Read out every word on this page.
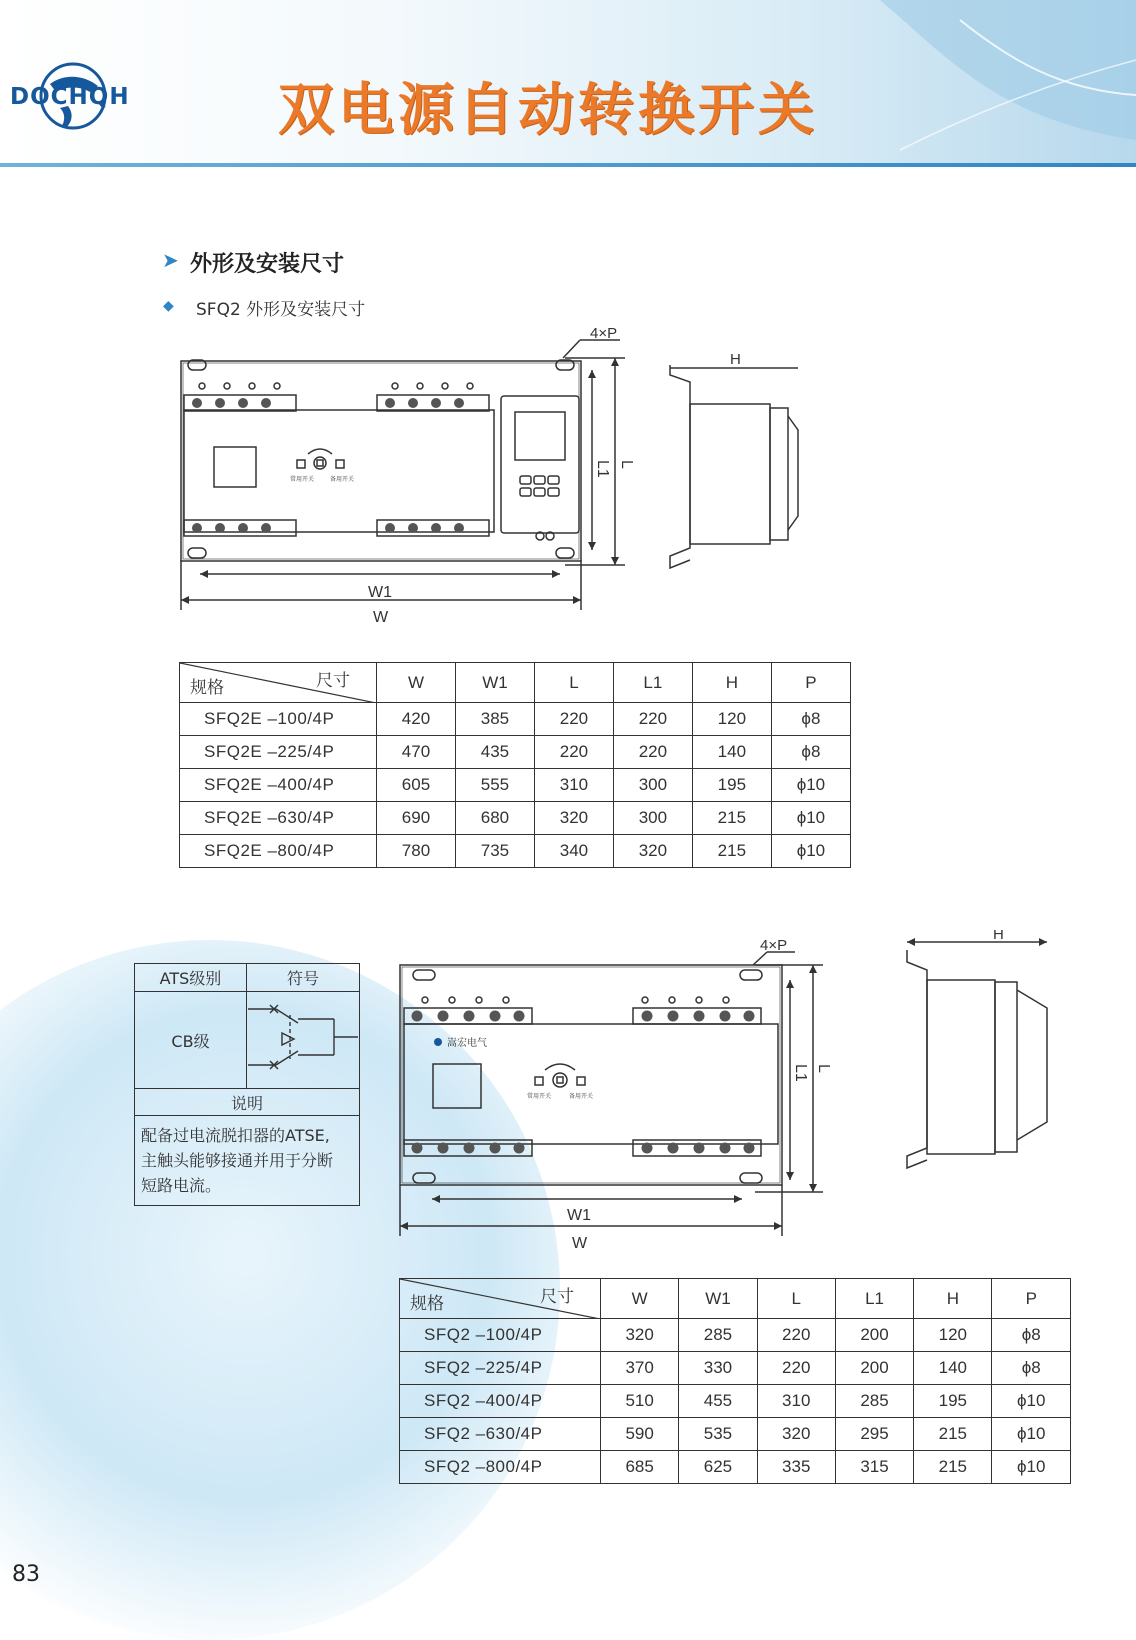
DOCHQH	双电源自动转换开关
➤ 外形及安装尺寸
◆ SFQ2 外形及安装尺寸
4×P
W1
W
L1 L
H
常用开关	备用开关
尺寸
规格	W	W1	L	L1	H	P
SFQ2E –100/4P	420	385	220	220	120	ϕ8
SFQ2E –225/4P	470	435	220	220	140	ϕ8
SFQ2E –400/4P	605	555	310	300	195	ϕ10
SFQ2E –630/4P	690	680	320	300	215	ϕ10
SFQ2E –800/4P	780	735	340	320	215	ϕ10
ATS级别	符号
CB级	
说明	

配备过电流脱扣器的ATSE,
主触头能够接通并用于分断
短路电流。	
嵩宏电气
4×P
W1
W
L1 L
H
常用开关	备用开关
尺寸
规格	W	W1	L	L1	H	P
SFQ2 –100/4P	320	285	220	200	120	ϕ8
SFQ2 –225/4P	370	330	220	200	140	ϕ8
SFQ2 –400/4P	510	455	310	285	195	ϕ10
SFQ2 –630/4P	590	535	320	295	215	ϕ10
SFQ2 –800/4P	685	625	335	315	215	ϕ10
83
